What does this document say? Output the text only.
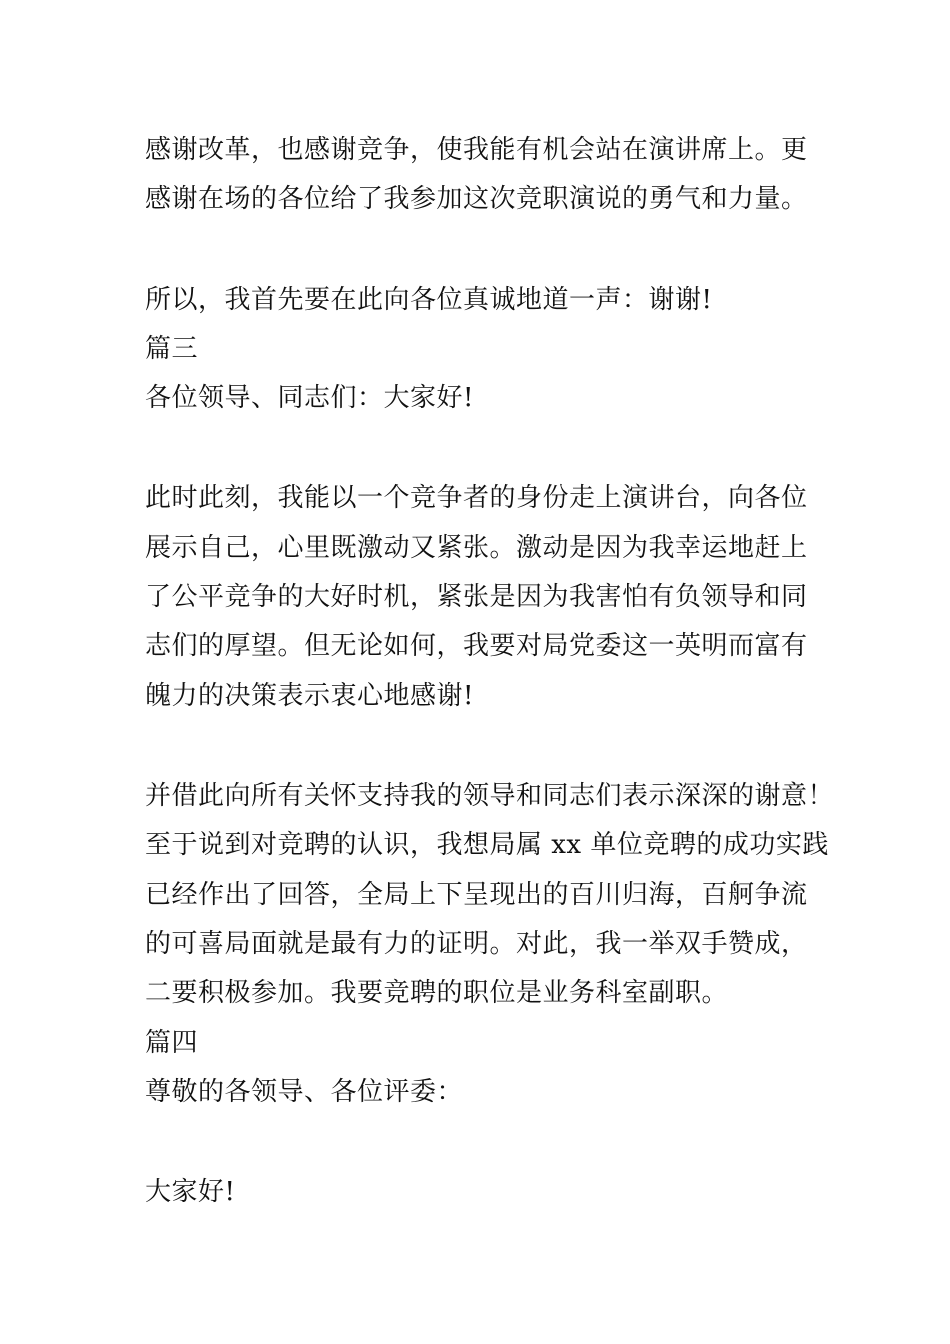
感谢改革，也感谢竞争，使我能有机会站在演讲席上。更
感谢在场的各位给了我参加这次竞职演说的勇气和力量。
所以，我首先要在此向各位真诚地道一声：谢谢!
篇三
各位领导、同志们：大家好!
此时此刻，我能以一个竞争者的身份走上演讲台，向各位
展示自己，心里既激动又紧张。激动是因为我幸运地赶上
了公平竞争的大好时机，紧张是因为我害怕有负领导和同
志们的厚望。但无论如何，我要对局党委这一英明而富有
魄力的决策表示衷心地感谢!
并借此向所有关怀支持我的领导和同志们表示深深的谢意！
至于说到对竞聘的认识，我想局属 xx 单位竞聘的成功实践
已经作出了回答，全局上下呈现出的百川归海，百舸争流
的可喜局面就是最有力的证明。对此，我一举双手赞成，
二要积极参加。我要竞聘的职位是业务科室副职。
篇四
尊敬的各领导、各位评委：
大家好!
